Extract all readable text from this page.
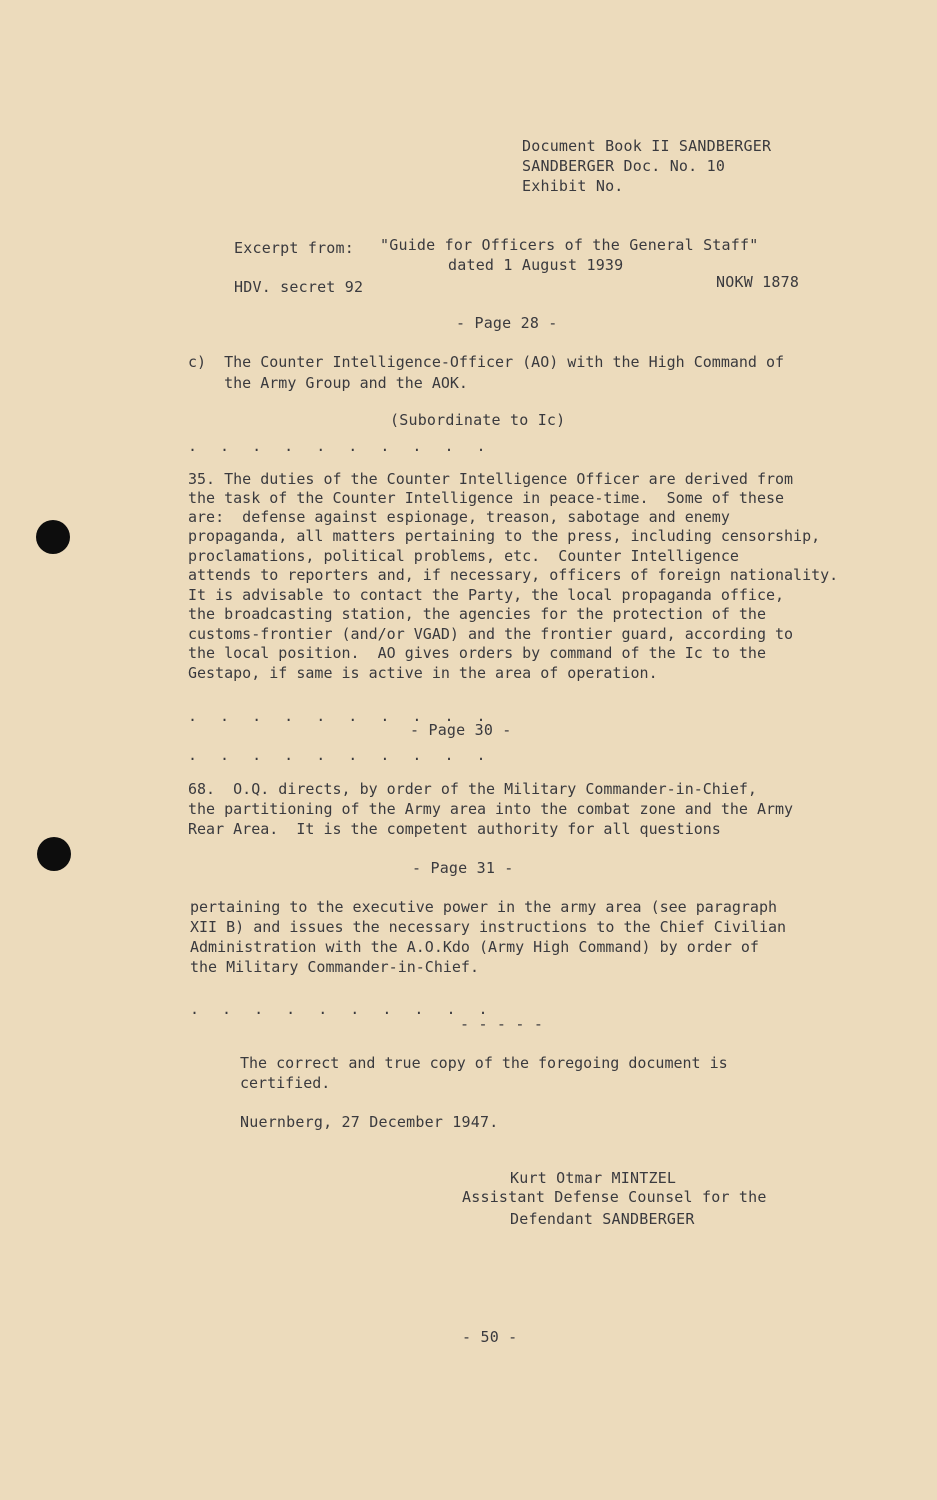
Document Book II SANDBERGER
SANDBERGER Doc. No. 10
Exhibit No.
Excerpt from: "Guide for Officers of the General Staff"
dated 1 August 1939
HDV. secret 92	NOKW 1878
- Page 28 -
c)  The Counter Intelligence-Officer (AO) with the High Command of
the Army Group and the AOK.
(Subordinate to Ic)
. . . . . . . . . .
35. The duties of the Counter Intelligence Officer are derived from
the task of the Counter Intelligence in peace-time.  Some of these
are:  defense against espionage, treason, sabotage and enemy
propaganda, all matters pertaining to the press, including censorship,
proclamations, political problems, etc.  Counter Intelligence
attends to reporters and, if necessary, officers of foreign nationality.
It is advisable to contact the Party, the local propaganda office,
the broadcasting station, the agencies for the protection of the
customs-frontier (and/or VGAD) and the frontier guard, according to
the local position.  AO gives orders by command of the Ic to the
Gestapo, if same is active in the area of operation.
. . . . . . . . . .
- Page 30 -
. . . . . . . . . .
68.  O.Q. directs, by order of the Military Commander-in-Chief,
the partitioning of the Army area into the combat zone and the Army
Rear Area.  It is the competent authority for all questions
- Page 31 -
pertaining to the executive power in the army area (see paragraph
XII B) and issues the necessary instructions to the Chief Civilian
Administration with the A.O.Kdo (Army High Command) by order of
the Military Commander-in-Chief.
. . . . . . . . . .
- - - - -
The correct and true copy of the foregoing document is
certified.
Nuernberg, 27 December 1947.
Kurt Otmar MINTZEL
Assistant Defense Counsel for the
Defendant SANDBERGER
- 50 -
